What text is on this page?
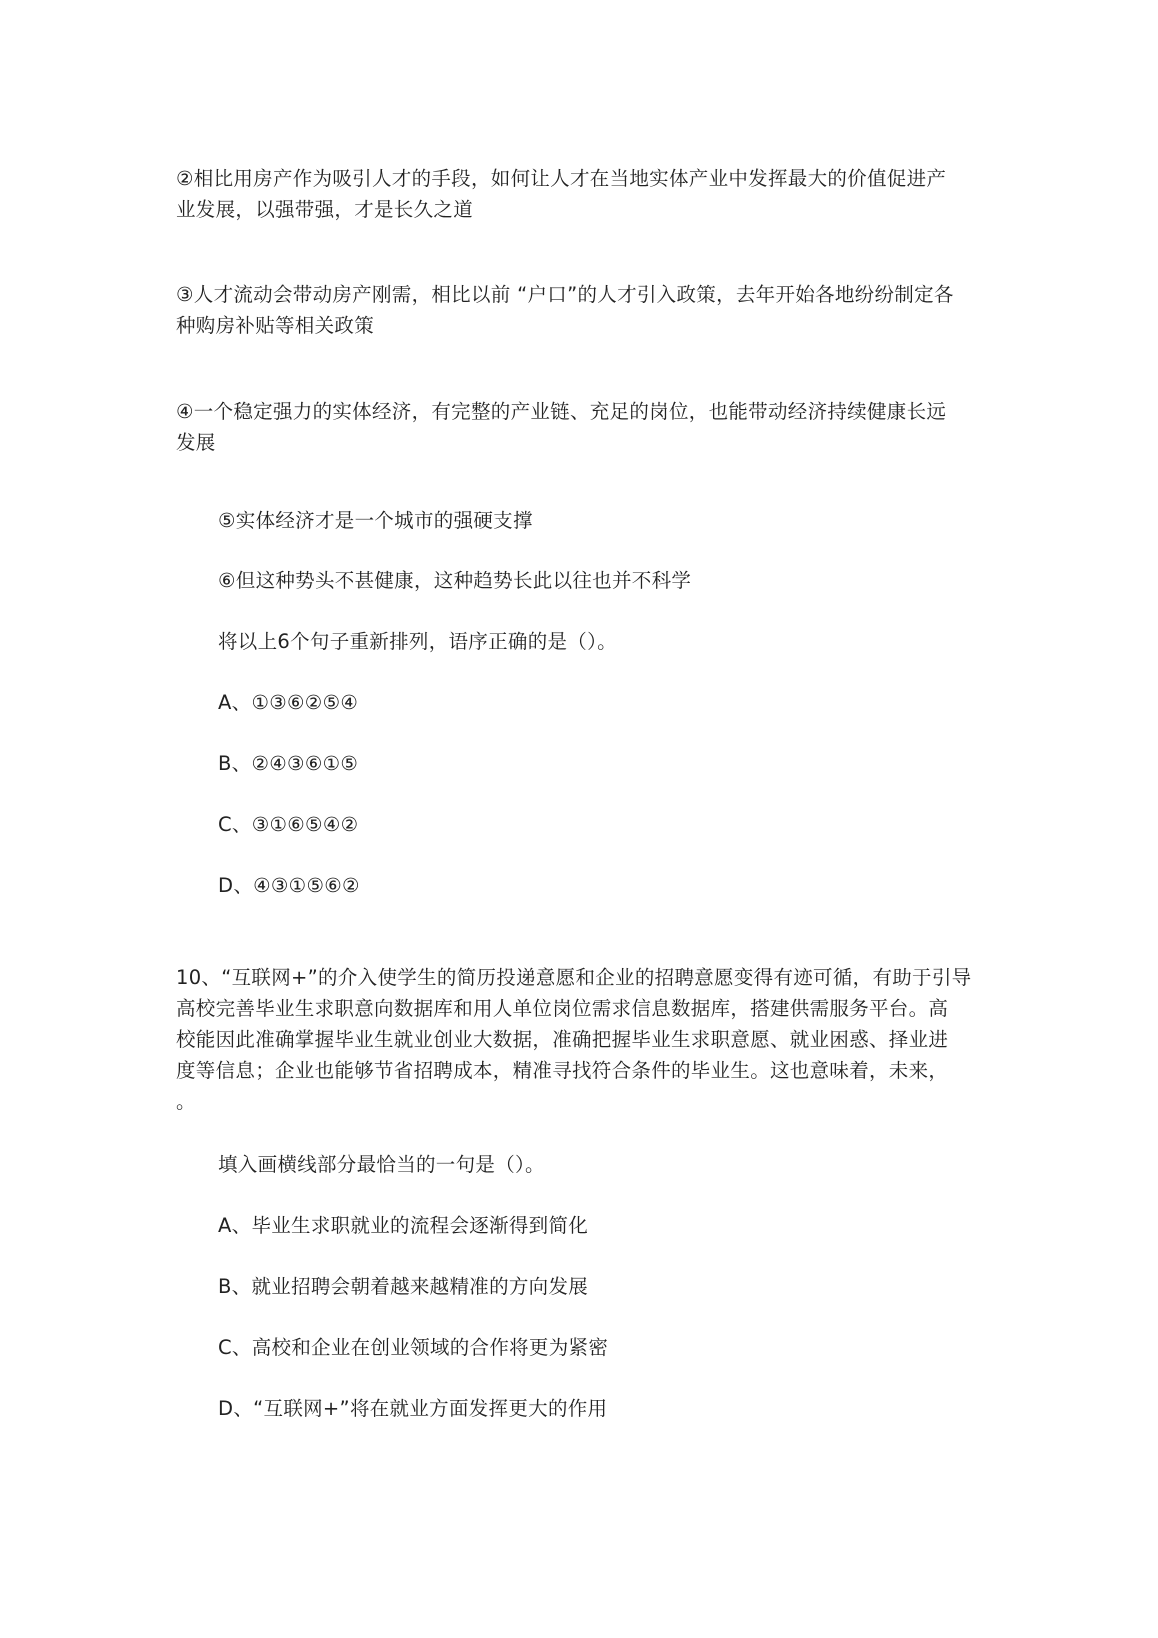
②相比用房产作为吸引人才的手段，如何让人才在当地实体产业中发挥最大的价值促进产
业发展，以强带强，才是长久之道
③人才流动会带动房产刚需，相比以前 “户口”的人才引入政策，去年开始各地纷纷制定各
种购房补贴等相关政策
④一个稳定强力的实体经济，有完整的产业链、充足的岗位，也能带动经济持续健康长远
发展
⑤实体经济才是一个城市的强硬支撑
⑥但这种势头不甚健康，这种趋势长此以往也并不科学
将以上6个句子重新排列，语序正确的是（）。
A、①③⑥②⑤④
B、②④③⑥①⑤
C、③①⑥⑤④②
D、④③①⑤⑥②
10、“互联网+”的介入使学生的简历投递意愿和企业的招聘意愿变得有迹可循，有助于引导
高校完善毕业生求职意向数据库和用人单位岗位需求信息数据库，搭建供需服务平台。高
校能因此准确掌握毕业生就业创业大数据，准确把握毕业生求职意愿、就业困惑、择业进
度等信息；企业也能够节省招聘成本，精准寻找符合条件的毕业生。这也意味着，未来，
。
填入画横线部分最恰当的一句是（）。
A、毕业生求职就业的流程会逐渐得到简化
B、就业招聘会朝着越来越精准的方向发展
C、高校和企业在创业领域的合作将更为紧密
D、“互联网+”将在就业方面发挥更大的作用
